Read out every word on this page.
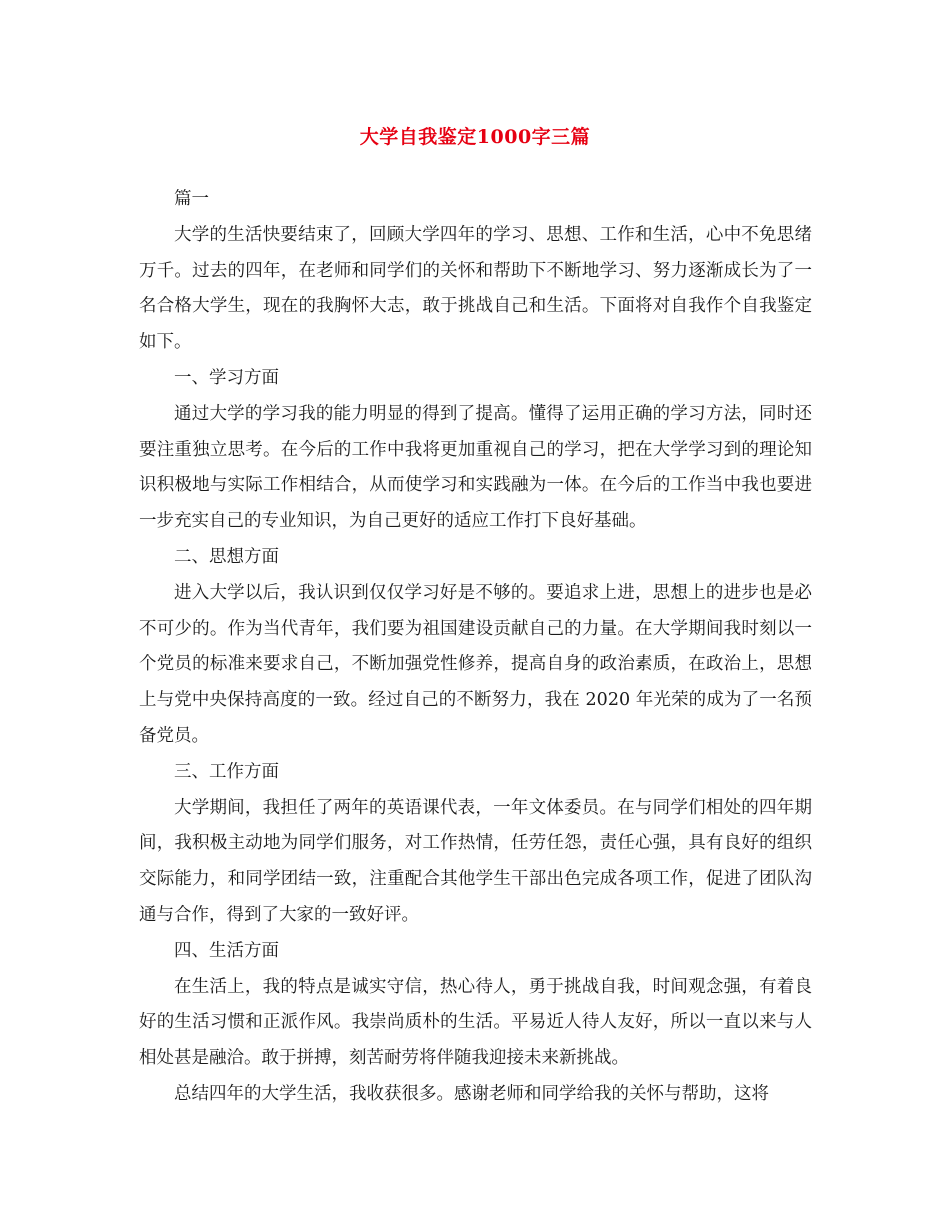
大学自我鉴定1000字三篇

篇一

大学的生活快要结束了，回顾大学四年的学习、思想、工作和生活，心中不免思绪万千。过去的四年，在老师和同学们的关怀和帮助下不断地学习、努力逐渐成长为了一名合格大学生，现在的我胸怀大志，敢于挑战自己和生活。下面将对自我作个自我鉴定如下。

一、学习方面

通过大学的学习我的能力明显的得到了提高。懂得了运用正确的学习方法，同时还要注重独立思考。在今后的工作中我将更加重视自己的学习，把在大学学习到的理论知识积极地与实际工作相结合，从而使学习和实践融为一体。在今后的工作当中我也要进一步充实自己的专业知识，为自己更好的适应工作打下良好基础。

二、思想方面

进入大学以后，我认识到仅仅学习好是不够的。要追求上进，思想上的进步也是必不可少的。作为当代青年，我们要为祖国建设贡献自己的力量。在大学期间我时刻以一个党员的标准来要求自己，不断加强党性修养，提高自身的政治素质，在政治上，思想上与党中央保持高度的一致。经过自己的不断努力，我在 2020 年光荣的成为了一名预备党员。

三、工作方面

大学期间，我担任了两年的英语课代表，一年文体委员。在与同学们相处的四年期间，我积极主动地为同学们服务，对工作热情，任劳任怨，责任心强，具有良好的组织交际能力，和同学团结一致，注重配合其他学生干部出色完成各项工作，促进了团队沟通与合作，得到了大家的一致好评。

四、生活方面

在生活上，我的特点是诚实守信，热心待人，勇于挑战自我，时间观念强，有着良好的生活习惯和正派作风。我崇尚质朴的生活。平易近人待人友好，所以一直以来与人相处甚是融洽。敢于拼搏，刻苦耐劳将伴随我迎接未来新挑战。

总结四年的大学生活，我收获很多。感谢老师和同学给我的关怀与帮助，这将
